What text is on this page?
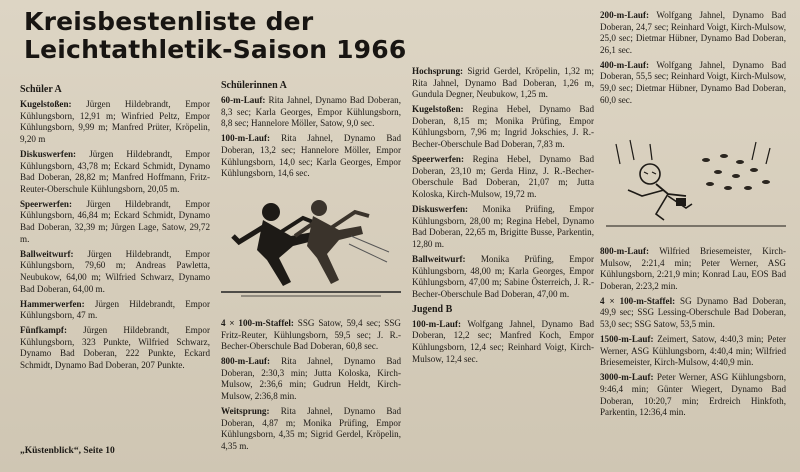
Kreisbestenliste der
Leichtathletik-Saison 1966

Schüler A

Kugelstoßen: Jürgen Hildebrandt, Empor Kühlungsborn, 12,91 m; Winfried Peltz, Empor Kühlungsborn, 9,99 m; Manfred Prüter, Kröpelin, 9,20 m

Diskuswerfen: Jürgen Hildebrandt, Empor Kühlungsborn, 43,78 m; Eckard Schmidt, Dynamo Bad Doberan, 28,82 m; Manfred Hoffmann, Fritz-Reuter-Oberschule Kühlungsborn, 20,05 m.

Speerwerfen: Jürgen Hildebrandt, Empor Kühlungsborn, 46,84 m; Eckard Schmidt, Dynamo Bad Doberan, 32,39 m; Jürgen Lage, Satow, 29,72 m.

Ballweitwurf: Jürgen Hildebrandt, Empor Kühlungsborn, 79,60 m; Andreas Pawletta, Neubukow, 64,00 m; Wilfried Schwarz, Dynamo Bad Doberan, 64,00 m.

Hammerwerfen: Jürgen Hildebrandt, Empor Kühlungsborn, 47 m.

Fünfkampf: Jürgen Hildebrandt, Empor Kühlungsborn, 323 Punkte, Wilfried Schwarz, Dynamo Bad Doberan, 222 Punkte, Eckard Schmidt, Dynamo Bad Doberan, 207 Punkte.

„Küstenblick“, Seite 10

Schülerinnen A

60-m-Lauf: Rita Jahnel, Dynamo Bad Doberan, 8,3 sec; Karla Georges, Empor Kühlungsborn, 8,8 sec; Hannelore Möller, Satow, 9,0 sec.

100-m-Lauf: Rita Jahnel, Dynamo Bad Doberan, 13,2 sec; Hannelore Möller, Empor Kühlungsborn, 14,0 sec; Karla Georges, Empor Kühlungsborn, 14,6 sec.

4 × 100-m-Staffel: SSG Satow, 59,4 sec; SSG Fritz-Reuter, Kühlungsborn, 59,5 sec; J. R.-Becher-Oberschule Bad Doberan, 60,8 sec.

800-m-Lauf: Rita Jahnel, Dynamo Bad Doberan, 2:30,3 min; Jutta Koloska, Kirch-Mulsow, 2:36,6 min; Gudrun Heldt, Kirch-Mulsow, 2:36,8 min.

Weitsprung: Rita Jahnel, Dynamo Bad Doberan, 4,87 m; Monika Prüfing, Empor Kühlungsborn, 4,35 m; Sigrid Gerdel, Kröpelin, 4,35 m.

Hochsprung: Sigrid Gerdel, Kröpelin, 1,32 m; Rita Jahnel, Dynamo Bad Doberan, 1,26 m, Gundula Degner, Neubukow, 1,25 m.

Kugelstoßen: Regina Hebel, Dynamo Bad Doberan, 8,15 m; Monika Prüfing, Empor Kühlungsborn, 7,96 m; Ingrid Jokschies, J. R.-Becher-Oberschule Bad Doberan, 7,83 m.

Speerwerfen: Regina Hebel, Dynamo Bad Doberan, 23,10 m; Gerda Hinz, J. R.-Becher-Oberschule Bad Doberan, 21,07 m; Jutta Koloska, Kirch-Mulsow, 19,72 m.

Diskuswerfen: Monika Prüfing, Empor Kühlungsborn, 28,00 m; Regina Hebel, Dynamo Bad Doberan, 22,65 m, Brigitte Busse, Parkentin, 12,80 m.

Ballweitwurf: Monika Prüfing, Empor Kühlungsborn, 48,00 m; Karla Georges, Empor Kühlungsborn, 47,00 m; Sabine Österreich, J. R.-Becher-Oberschule Bad Doberan, 47,00 m.

Jugend B

100-m-Lauf: Wolfgang Jahnel, Dynamo Bad Doberan, 12,2 sec; Manfred Koch, Empor Kühlungsborn, 12,4 sec; Reinhard Voigt, Kirch-Mulsow, 12,4 sec.

200-m-Lauf: Wolfgang Jahnel, Dynamo Bad Doberan, 24,7 sec; Reinhard Voigt, Kirch-Mulsow, 25,0 sec; Dietmar Hübner, Dynamo Bad Doberan, 26,1 sec.

400-m-Lauf: Wolfgang Jahnel, Dynamo Bad Doberan, 55,5 sec; Reinhard Voigt, Kirch-Mulsow, 59,0 sec; Dietmar Hübner, Dynamo Bad Doberan, 60,0 sec.

800-m-Lauf: Wilfried Briesemeister, Kirch-Mulsow, 2:21,4 min; Peter Werner, ASG Kühlungsborn, 2:21,9 min; Konrad Lau, EOS Bad Doberan, 2:23,2 min.

4 × 100-m-Staffel: SG Dynamo Bad Doberan, 49,9 sec; SSG Lessing-Oberschule Bad Doberan, 53,0 sec; SSG Satow, 53,5 min.

1500-m-Lauf: Zeimert, Satow, 4:40,3 min; Peter Werner, ASG Kühlungsborn, 4:40,4 min; Wilfried Briesemeister, Kirch-Mulsow, 4:40,9 min.

3000-m-Lauf: Peter Werner, ASG Kühlungsborn, 9:46,4 min; Günter Wiegert, Dynamo Bad Doberan, 10:20,7 min; Erdreich Hinkfoth, Parkentin, 12:36,4 min.
